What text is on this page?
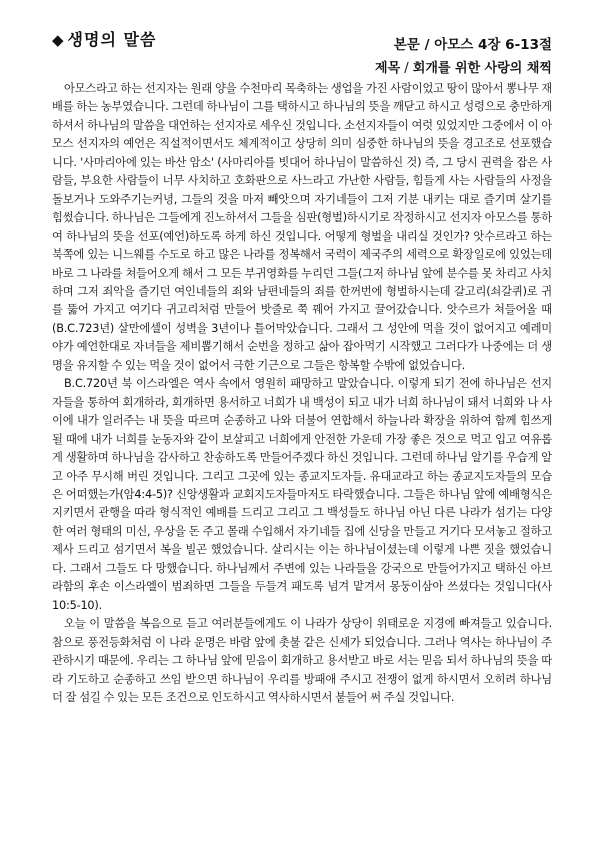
◆ 생명의 말씀	본문 / 아모스 4장 6-13절
제목 / 회개를 위한 사랑의 채찍

아모스라고 하는 선지자는 원래 양을 수천마리 목축하는 생업을 가진 사람이었고 땅이 많아서 뽕나무 재배를 하는 농부였습니다. 그런데 하나님이 그를 택하시고 하나님의 뜻을 깨닫고 하시고 성령으로 충만하게 하셔서 하나님의 말씀을 대언하는 선지자로 세우신 것입니다. 소선지자들이 여럿 있었지만 그중에서 이 아모스 선지자의 예언은 직설적이면서도 체계적이고 상당히 의미 심중한 하나님의 뜻을 경고조로 선포했습니다. '사마리아에 있는 바산 암소' (사마리아를 빗대어 하나님이 말씀하신 것) 즉, 그 당시 권력을 잡은 사람들, 부요한 사람들이 너무 사치하고 호화판으로 사느라고 가난한 사람들, 힘들게 사는 사람들의 사정을 돌보거나 도와주기는커녕, 그들의 것을 마저 빼앗으며 자기네들이 그저 기분 내키는 대로 즐기며 살기를 힘썼습니다. 하나님은 그들에게 진노하셔서 그들을 심판(형벌)하시기로 작정하시고 선지자 아모스를 통하여 하나님의 뜻을 선포(예언)하도록 하게 하신 것입니다. 어떻게 형벌을 내리실 것인가? 앗수르라고 하는 북쪽에 있는 니느웨를 수도로 하고 많은 나라를 정복해서 국력이 제국주의 세력으로 확장일로에 있었는데 바로 그 나라를 쳐들어오게 해서 그 모든 부귀영화를 누리던 그들(그저 하나님 앞에 분수를 못 차리고 사치하며 그저 죄악을 즐기던 여인네들의 죄와 남편네들의 죄를 한꺼번에 형벌하시는데 갈고리(쇠갈퀴)로 귀를 뚫어 가지고 여기다 귀고리처럼 만들어 밧줄로 쭉 꿰어 가지고 끌어갔습니다. 앗수르가 쳐들어올 때(B.C.723년) 살만에셀이 성벽을 3년이나 틀어막았습니다. 그래서 그 성안에 먹을 것이 없어지고 예레미야가 예언한대로 자녀들을 제비뽑기해서 순번을 정하고 삶아 잡아먹기 시작했고 그러다가 나중에는 더 생명을 유지할 수 있는 먹을 것이 없어서 극한 기근으로 그들은 항복할 수밖에 없었습니다.

B.C.720년 북 이스라엘은 역사 속에서 영원히 패망하고 말았습니다. 이렇게 되기 전에 하나님은 선지자들을 통하여 회개하라, 회개하면 용서하고 너희가 내 백성이 되고 내가 너희 하나님이 돼서 너희와 나 사이에 내가 일러주는 내 뜻을 따르며 순종하고 나와 더불어 연합해서 하늘나라 확장을 위하여 함께 힘쓰게 될 때에 내가 너희를 눈동자와 같이 보살피고 너희에게 안전한 가운데 가장 좋은 것으로 먹고 입고 여유롭게 생활하며 하나님을 감사하고 찬송하도록 만들어주겠다 하신 것입니다. 그런데 하나님 알기를 우습게 알고 아주 무시해 버린 것입니다. 그리고 그곳에 있는 종교지도자들. 유대교라고 하는 종교지도자들의 모습은 어떠했는가(암4:4-5)? 신앙생활과 교회지도자들마저도 타락했습니다. 그들은 하나님 앞에 예배형식은 지키면서 관행을 따라 형식적인 예배를 드리고 그리고 그 백성들도 하나님 아닌 다른 나라가 섬기는 다양한 여러 형태의 미신, 우상을 돈 주고 몰래 수입해서 자기네들 집에 신당을 만들고 거기다 모셔놓고 절하고 제사 드리고 섬기면서 복을 빌곤 했었습니다. 살리시는 이는 하나님이셨는데 이렇게 나쁜 짓을 했었습니다. 그래서 그들도 다 망했습니다. 하나님께서 주변에 있는 나라들을 강국으로 만들어가지고 택하신 아브라함의 후손 이스라엘이 범죄하면 그들을 두들겨 패도록 넘겨 맡겨서 몽둥이삼아 쓰셨다는 것입니다(사10:5-10).

오늘 이 말씀을 복음으로 듣고 여러분들에게도 이 나라가 상당이 위태로운 지경에 빠져들고 있습니다. 참으로 풍전등화처럼 이 나라 운명은 바람 앞에 촛불 같은 신세가 되었습니다. 그러나 역사는 하나님이 주관하시기 때문에. 우리는 그 하나님 앞에 믿음이 회개하고 용서받고 바로 서는 믿음 되서 하나님의 뜻을 따라 기도하고 순종하고 쓰임 받으면 하나님이 우리를 방패애 주시고 전쟁이 없게 하시면서 오히려 하나님 더 잘 섬길 수 있는 모든 조건으로 인도하시고 역사하시면서 붙들어 써 주실 것입니다.
